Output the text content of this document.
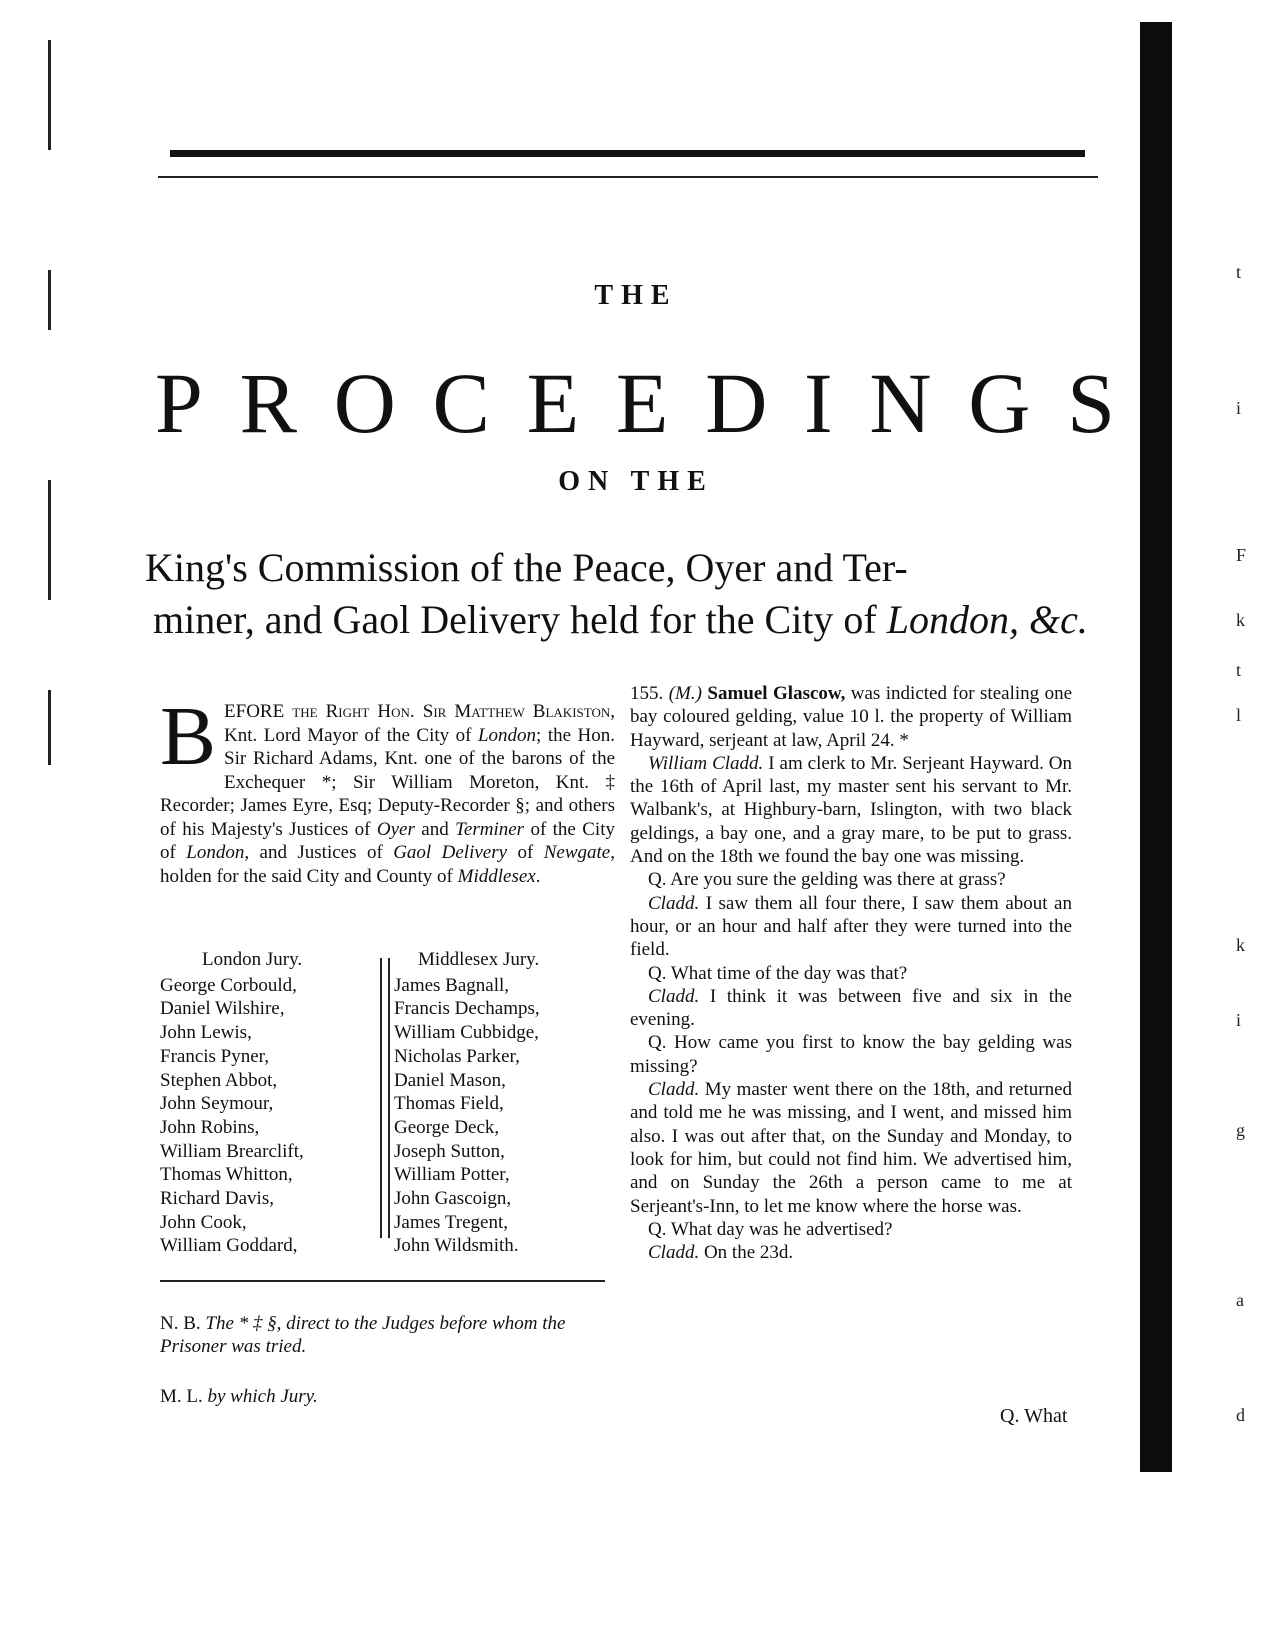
t
i
F
k
t
l
k
i
g
a
d
THE
P R O C E E D I N G S
ON THE
King's Commission of the Peace, Oyer and Ter-
miner, and Gaol Delivery held for the City of London, &c.
BEFORE the Right Hon. Sir Matthew Blakiston, Knt. Lord Mayor of the City of London; the Hon. Sir Richard Adams, Knt. one of the barons of the Exchequer *; Sir William Moreton, Knt. ‡ Recorder; James Eyre, Esq; Deputy-Recorder §; and others of his Majesty's Justices of Oyer and Terminer of the City of London, and Justices of Gaol Delivery of Newgate, holden for the said City and County of Middlesex.
London Jury.
George Corbould,
Daniel Wilshire,
John Lewis,
Francis Pyner,
Stephen Abbot,
John Seymour,
John Robins,
William Brearclift,
Thomas Whitton,
Richard Davis,
John Cook,
William Goddard,
Middlesex Jury.
James Bagnall,
Francis Dechamps,
William Cubbidge,
Nicholas Parker,
Daniel Mason,
Thomas Field,
George Deck,
Joseph Sutton,
William Potter,
John Gascoign,
James Tregent,
John Wildsmith.
N. B. The * ‡ §, direct to the Judges before whom the Prisoner was tried.
M. L. by which Jury.

155. (M.) Samuel Glascow, was indicted for stealing one bay coloured gelding, value 10 l. the property of William Hayward, serjeant at law, April 24. *

William Cladd. I am clerk to Mr. Serjeant Hayward. On the 16th of April last, my master sent his servant to Mr. Walbank's, at Highbury-barn, Islington, with two black geldings, a bay one, and a gray mare, to be put to grass. And on the 18th we found the bay one was missing.

Q. Are you sure the gelding was there at grass?

Cladd. I saw them all four there, I saw them about an hour, or an hour and half after they were turned into the field.

Q. What time of the day was that?

Cladd. I think it was between five and six in the evening.

Q. How came you first to know the bay gelding was missing?

Cladd. My master went there on the 18th, and returned and told me he was missing, and I went, and missed him also. I was out after that, on the Sunday and Monday, to look for him, but could not find him. We advertised him, and on Sunday the 26th a person came to me at Serjeant's-Inn, to let me know where the horse was.

Q. What day was he advertised?

Cladd. On the 23d.

Q. What
